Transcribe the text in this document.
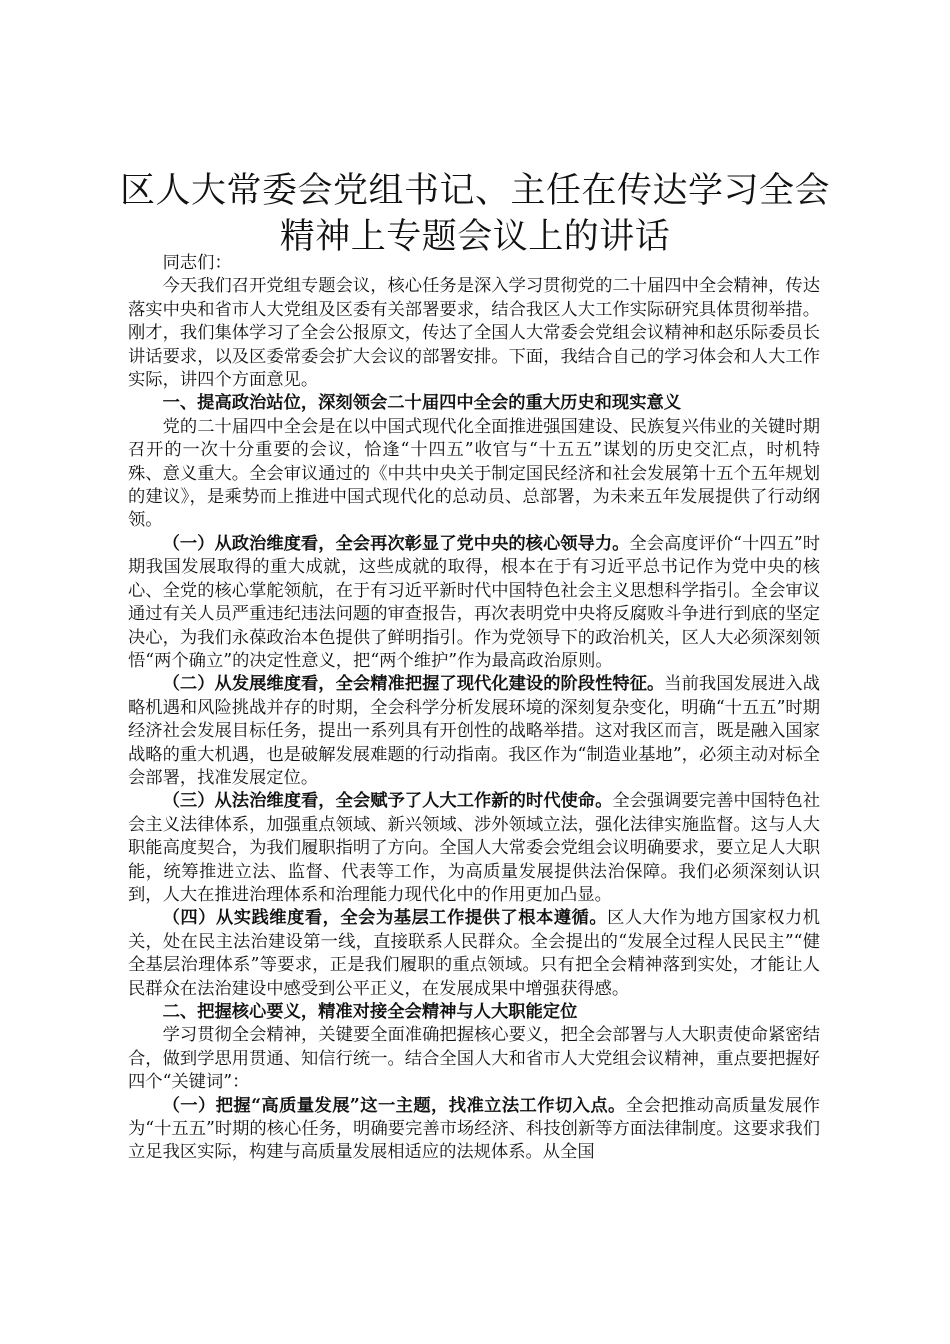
区人大常委会党组书记、主任在传达学习全会
精神上专题会议上的讲话

同志们：

今天我们召开党组专题会议，核心任务是深入学习贯彻党的二十届四中全会精神，传达落实中央和省市人大党组及区委有关部署要求，结合我区人大工作实际研究具体贯彻举措。刚才，我们集体学习了全会公报原文，传达了全国人大常委会党组会议精神和赵乐际委员长讲话要求，以及区委常委会扩大会议的部署安排。下面，我结合自己的学习体会和人大工作实际，讲四个方面意见。

一、提高政治站位，深刻领会二十届四中全会的重大历史和现实意义

党的二十届四中全会是在以中国式现代化全面推进强国建设、民族复兴伟业的关键时期召开的一次十分重要的会议，恰逢“十四五”收官与“十五五”谋划的历史交汇点，时机特殊、意义重大。全会审议通过的《中共中央关于制定国民经济和社会发展第十五个五年规划的建议》，是乘势而上推进中国式现代化的总动员、总部署，为未来五年发展提供了行动纲领。

（一）从政治维度看，全会再次彰显了党中央的核心领导力。全会高度评价“十四五”时期我国发展取得的重大成就，这些成就的取得，根本在于有习近平总书记作为党中央的核心、全党的核心掌舵领航，在于有习近平新时代中国特色社会主义思想科学指引。全会审议通过有关人员严重违纪违法问题的审查报告，再次表明党中央将反腐败斗争进行到底的坚定决心，为我们永葆政治本色提供了鲜明指引。作为党领导下的政治机关，区人大必须深刻领悟“两个确立”的决定性意义，把“两个维护”作为最高政治原则。

（二）从发展维度看，全会精准把握了现代化建设的阶段性特征。当前我国发展进入战略机遇和风险挑战并存的时期，全会科学分析发展环境的深刻复杂变化，明确“十五五”时期经济社会发展目标任务，提出一系列具有开创性的战略举措。这对我区而言，既是融入国家战略的重大机遇，也是破解发展难题的行动指南。我区作为“制造业基地”，必须主动对标全会部署，找准发展定位。

（三）从法治维度看，全会赋予了人大工作新的时代使命。全会强调要完善中国特色社会主义法律体系，加强重点领域、新兴领域、涉外领域立法，强化法律实施监督。这与人大职能高度契合，为我们履职指明了方向。全国人大常委会党组会议明确要求，要立足人大职能，统筹推进立法、监督、代表等工作，为高质量发展提供法治保障。我们必须深刻认识到，人大在推进治理体系和治理能力现代化中的作用更加凸显。

（四）从实践维度看，全会为基层工作提供了根本遵循。区人大作为地方国家权力机关，处在民主法治建设第一线，直接联系人民群众。全会提出的“发展全过程人民民主”“健全基层治理体系”等要求，正是我们履职的重点领域。只有把全会精神落到实处，才能让人民群众在法治建设中感受到公平正义，在发展成果中增强获得感。

二、把握核心要义，精准对接全会精神与人大职能定位

学习贯彻全会精神，关键要全面准确把握核心要义，把全会部署与人大职责使命紧密结合，做到学思用贯通、知信行统一。结合全国人大和省市人大党组会议精神，重点要把握好四个“关键词”：

（一）把握“高质量发展”这一主题，找准立法工作切入点。全会把推动高质量发展作为“十五五”时期的核心任务，明确要完善市场经济、科技创新等方面法律制度。这要求我们立足我区实际，构建与高质量发展相适应的法规体系。从全国
